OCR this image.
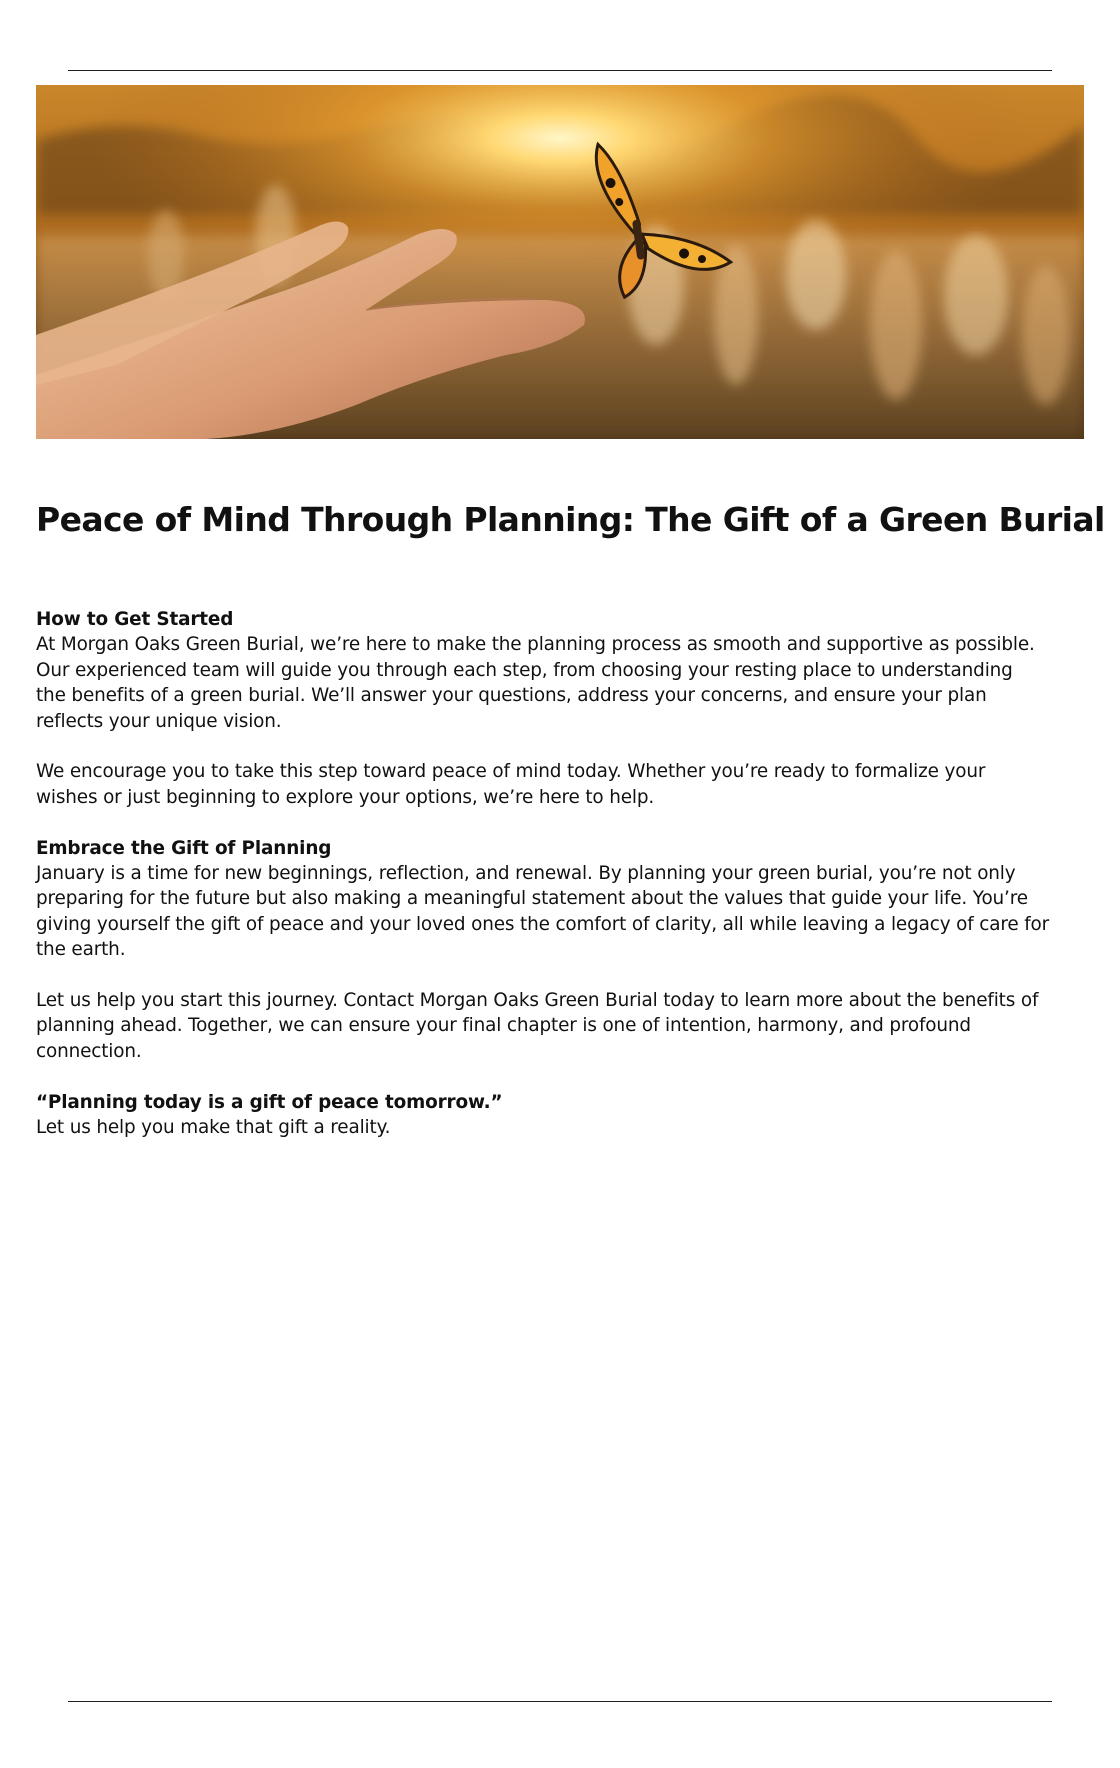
Peace of Mind Through Planning: The Gift of a Green Burial

How to Get Started
At Morgan Oaks Green Burial, we’re here to make the planning process as smooth and supportive as possible.
Our experienced team will guide you through each step, from choosing your resting place to understanding
the benefits of a green burial. We’ll answer your questions, address your concerns, and ensure your plan
reflects your unique vision.

We encourage you to take this step toward peace of mind today. Whether you’re ready to formalize your
wishes or just beginning to explore your options, we’re here to help.

Embrace the Gift of Planning
January is a time for new beginnings, reflection, and renewal. By planning your green burial, you’re not only
preparing for the future but also making a meaningful statement about the values that guide your life. You’re
giving yourself the gift of peace and your loved ones the comfort of clarity, all while leaving a legacy of care for
the earth.

Let us help you start this journey. Contact Morgan Oaks Green Burial today to learn more about the benefits of
planning ahead. Together, we can ensure your final chapter is one of intention, harmony, and profound
connection.

“Planning today is a gift of peace tomorrow.”
Let us help you make that gift a reality.
